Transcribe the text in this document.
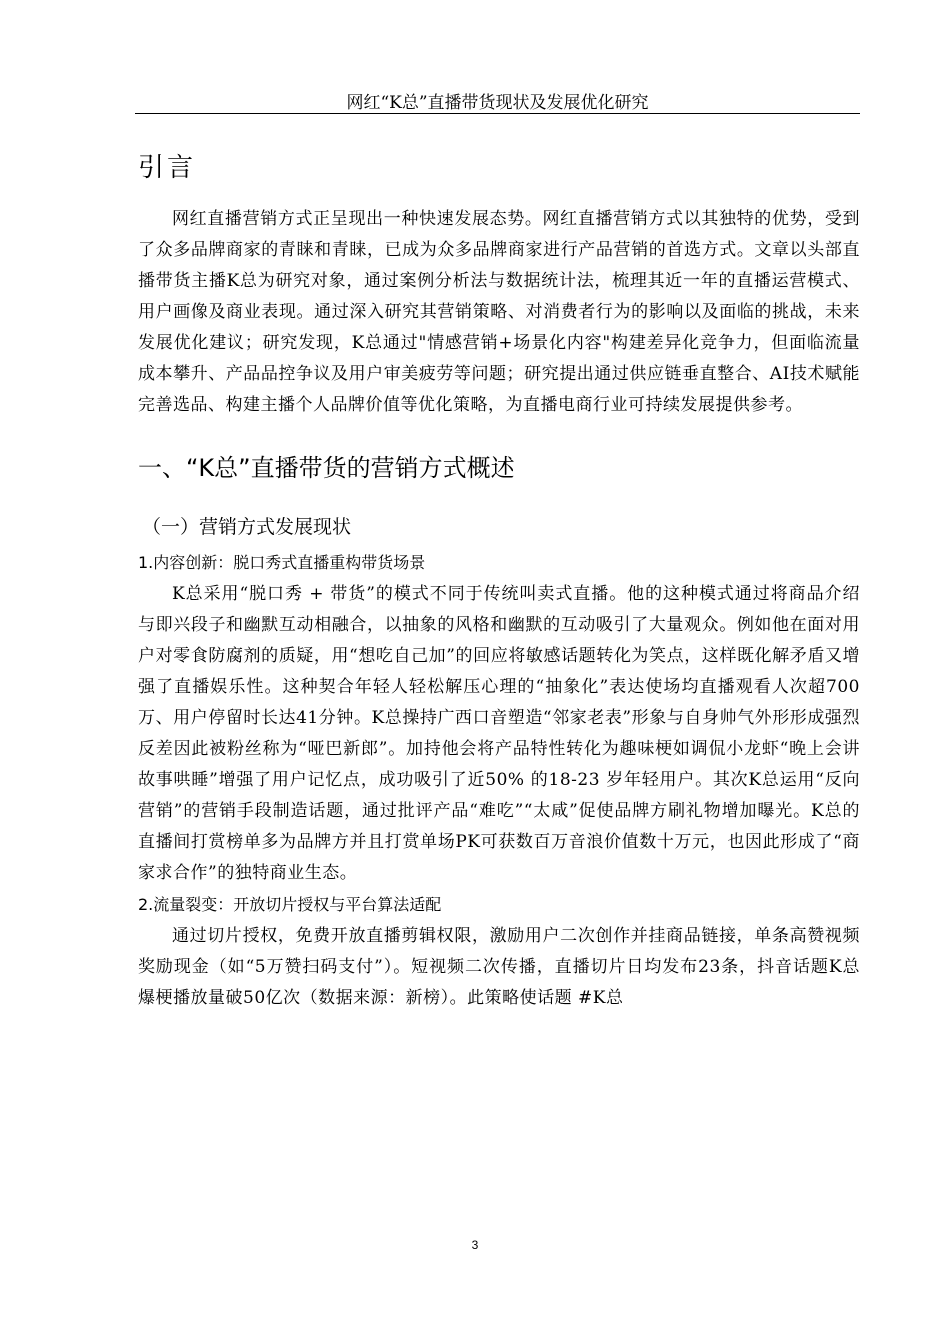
网红“K总”直播带货现状及发展优化研究
引言

网红直播营销方式正呈现出一种快速发展态势。网红直播营销方式以其独特的优势，受到了众多品牌商家的青睐和青睐，已成为众多品牌商家进行产品营销的首选方式。文章以头部直播带货主播K总为研究对象，通过案例分析法与数据统计法，梳理其近一年的直播运营模式、用户画像及商业表现。通过深入研究其营销策略、对消费者行为的影响以及面临的挑战，未来发展优化建议；研究发现，K总通过"情感营销+场景化内容"构建差异化竞争力，但面临流量成本攀升、产品品控争议及用户审美疲劳等问题；研究提出通过供应链垂直整合、AI技术赋能完善选品、构建主播个人品牌价值等优化策略，为直播电商行业可持续发展提供参考。

一、“K总”直播带货的营销方式概述
（一）营销方式发展现状
1.内容创新：脱口秀式直播重构带货场景

K总采用“脱口秀 + 带货”的模式不同于传统叫卖式直播。他的这种模式通过将商品介绍与即兴段子和幽默互动相融合，以抽象的风格和幽默的互动吸引了大量观众。例如他在面对用户对零食防腐剂的质疑，用“想吃自己加”的回应将敏感话题转化为笑点，这样既化解矛盾又增强了直播娱乐性。这种契合年轻人轻松解压心理的“抽象化”表达使场均直播观看人次超700万、用户停留时长达41分钟。K总操持广西口音塑造“邻家老表”形象与自身帅气外形形成强烈反差因此被粉丝称为“哑巴新郎”。加持他会将产品特性转化为趣味梗如调侃小龙虾“晚上会讲故事哄睡”增强了用户记忆点，成功吸引了近50% 的18-23 岁年轻用户。其次K总运用“反向营销”的营销手段制造话题，通过批评产品“难吃”“太咸”促使品牌方刷礼物增加曝光。K总的直播间打赏榜单多为品牌方并且打赏单场PK可获数百万音浪价值数十万元，也因此形成了“商家求合作”的独特商业生态。

2.流量裂变：开放切片授权与平台算法适配

通过切片授权，免费开放直播剪辑权限，激励用户二次创作并挂商品链接，单条高赞视频奖励现金（如“5万赞扫码支付”）。短视频二次传播，直播切片日均发布23条，抖音话题K总爆梗播放量破50亿次（数据来源：新榜）。此策略使话题 #K总

3
